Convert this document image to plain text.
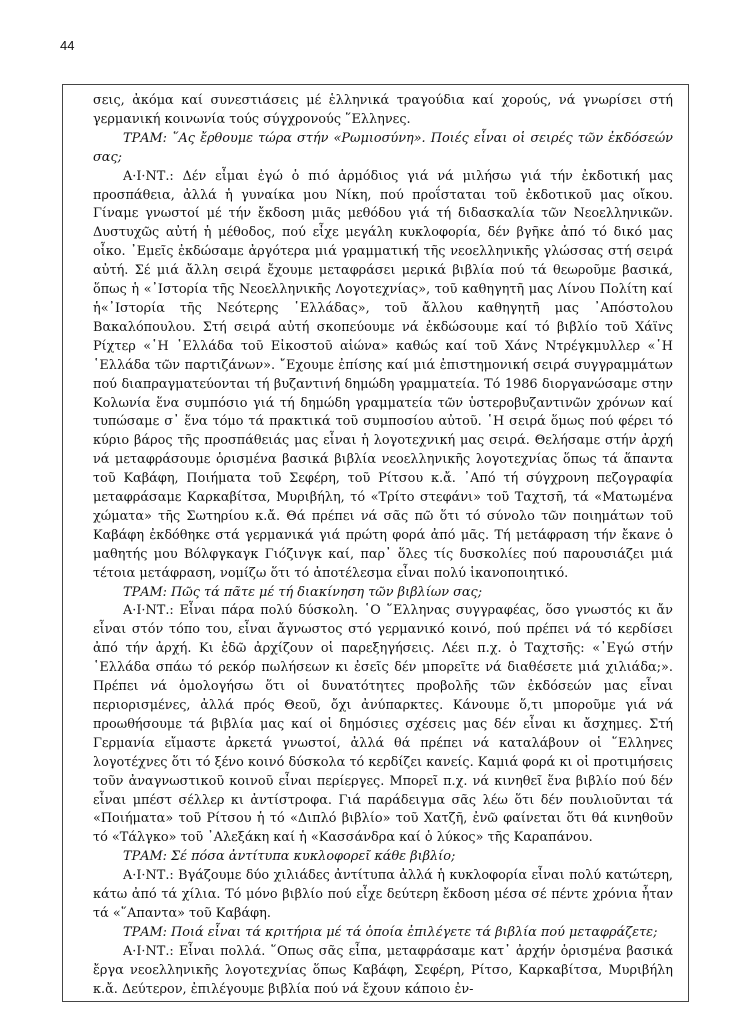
44

σεις, ἀκόμα καί συνεστιάσεις μέ ἑλληνικά τραγούδια καί χορούς, νά γνωρίσει στή γερμανική κοινωνία τούς σύγχρονούς ῞Ελληνες.

ΤΡΑΜ: ῞Ας ἔρθουμε τώρα στήν «Ρωμιοσύνη». Ποιές εἶναι οἱ σειρές τῶν ἐκδόσεών σας;

Α·Ι·ΝΤ.: Δέν εἶμαι ἐγώ ὁ πιό ἁρμόδιος γιά νά μιλήσω γιά τήν ἐκδοτική μας προσπάθεια, ἀλλά ἡ γυναίκα μου Νίκη, πού προΐσταται τοῦ ἐκδοτικοῦ μας οἴκου. Γίναμε γνωστοί μέ τήν ἔκδοση μιᾶς μεθόδου γιά τή διδασκαλία τῶν Νεοελληνικῶν. Δυστυχῶς αὐτή ἡ μέθοδος, πού εἶχε μεγάλη κυκλοφορία, δέν βγῆκε ἀπό τό δικό μας οἶκο. ᾿Εμεῖς ἐκδώσαμε ἀργότερα μιά γραμματική τῆς νεοελληνικῆς γλώσσας στή σειρά αὐτή. Σέ μιά ἄλλη σειρά ἔχουμε μεταφράσει μερικά βιβλία πού τά θεωροῦμε βασικά, ὅπως ἡ «᾿Ιστορία τῆς Νεοελληνικῆς Λογοτεχνίας», τοῦ καθηγητῆ μας Λίνου Πολίτη καί ἡ«᾿Ιστορία τῆς Νεότερης ῾Ελλάδας», τοῦ ἄλλου καθηγητῆ μας ᾿Απόστολου Βακαλόπουλου. Στή σειρά αὐτή σκοπεύουμε νά ἐκδώσουμε καί τό βιβλίο τοῦ Χάϊνς Ρίχτερ «῾Η ῾Ελλάδα τοῦ Εἰκοστοῦ αἰώνα» καθώς καί τοῦ Χάνς Ντρέγκμυλλερ «῾Η ῾Ελλάδα τῶν παρτιζάνων». ῎Εχουμε ἐπίσης καί μιά ἐπιστημονική σειρά συγγραμμάτων πού διαπραγματεύονται τή βυζαντινή δημώδη γραμματεία. Τό 1986 διοργανώσαμε στην Κολωνία ἕνα συμπόσιο γιά τή δημώδη γραμματεία τῶν ὑστεροβυζαντινῶν χρόνων καί τυπώσαμε σ᾿ ἕνα τόμο τά πρακτικά τοῦ συμποσίου αὐτοῦ. ῾Η σειρά ὅμως πού φέρει τό κύριο βάρος τῆς προσπάθειάς μας εἶναι ἡ λογοτεχνική μας σειρά. Θελήσαμε στήν ἀρχή νά μεταφράσουμε ὁρισμένα βασικά βιβλία νεοελληνικῆς λογοτεχνίας ὅπως τά ἅπαντα τοῦ Καβάφη, Ποιήματα τοῦ Σεφέρη, τοῦ Ρίτσου κ.ἄ. ᾿Από τή σύγχρονη πεζογραφία μεταφράσαμε Καρκαβίτσα, Μυριβήλη, τό «Τρίτο στεφάνι» τοῦ Ταχτσῆ, τά «Ματωμένα χώματα» τῆς Σωτηρίου κ.ἄ. Θά πρέπει νά σᾶς πῶ ὅτι τό σύνολο τῶν ποιημάτων τοῦ Καβάφη ἐκδόθηκε στά γερμανικά γιά πρώτη φορά ἀπό μᾶς. Τή μετάφραση τήν ἔκανε ὁ μαθητής μου Βόλφγκαγκ Γιόζινγκ καί, παρ᾿ ὅλες τίς δυσκολίες πού παρουσιάζει μιά τέτοια μετάφραση, νομίζω ὅτι τό ἀποτέλεσμα εἶναι πολύ ἱκανοποιητικό.

ΤΡΑΜ: Πῶς τά πᾶτε μέ τή διακίνηση τῶν βιβλίων σας;

Α·Ι·ΝΤ.: Εἶναι πάρα πολύ δύσκολη. ῾Ο ῞Ελληνας συγγραφέας, ὅσο γνωστός κι ἄν εἶναι στόν τόπο του, εἶναι ἄγνωστος στό γερμανικό κοινό, πού πρέπει νά τό κερδίσει ἀπό τήν ἀρχή. Κι ἐδῶ ἀρχίζουν οἱ παρεξηγήσεις. Λέει π.χ. ὁ Ταχτσῆς: «᾿Εγώ στήν ῾Ελλάδα σπάω τό ρεκόρ πωλήσεων κι ἐσεῖς δέν μπορεῖτε νά διαθέσετε μιά χιλιάδα;». Πρέπει νά ὁμολογήσω ὅτι οἱ δυνατότητες προβολῆς τῶν ἐκδόσεών μας εἶναι περιορισμένες, ἀλλά πρός Θεοῦ, ὄχι ἀνύπαρκτες. Κάνουμε ὅ,τι μποροῦμε γιά νά προωθήσουμε τά βιβλία μας καί οἱ δημόσιες σχέσεις μας δέν εἶναι κι ἄσχημες. Στή Γερμανία εἴμαστε ἀρκετά γνωστοί, ἀλλά θά πρέπει νά καταλάβουν οἱ ῞Ελληνες λογοτέχνες ὅτι τό ξένο κοινό δύσκολα τό κερδίζει κανείς. Καμιά φορά κι οἱ προτιμήσεις τοῦν ἀναγνωστικοῦ κοινοῦ εἶναι περίεργες. Μπορεῖ π.χ. νά κινηθεῖ ἕνα βιβλίο πού δέν εἶναι μπέστ σέλλερ κι ἀντίστροφα. Γιά παράδειγμα σᾶς λέω ὅτι δέν πουλιοῦνται τά «Ποιήματα» τοῦ Ρίτσου ἡ τό «Διπλό βιβλίο» τοῦ Χατζῆ, ἐνῶ φαίνεται ὅτι θά κινηθοῦν τό «Τάλγκο» τοῦ ᾿Αλεξάκη καί ἡ «Κασσάνδρα καί ὁ λύκος» τῆς Καραπάνου.

ΤΡΑΜ: Σέ πόσα ἀντίτυπα κυκλοφορεῖ κάθε βιβλίο;

Α·Ι·ΝΤ.: Βγάζουμε δύο χιλιάδες ἀντίτυπα ἀλλά ἡ κυκλοφορία εἶναι πολύ κατώτερη, κάτω ἀπό τά χίλια. Τό μόνο βιβλίο πού εἶχε δεύτερη ἔκδοση μέσα σέ πέντε χρόνια ἦταν τά «῞Απαντα» τοῦ Καβάφη.

ΤΡΑΜ: Ποιά εἶναι τά κριτήρια μέ τά ὁποία ἐπιλέγετε τά βιβλία πού μεταφράζετε;

Α·Ι·ΝΤ.: Εἶναι πολλά. ῞Οπως σᾶς εἶπα, μεταφράσαμε κατ᾿ ἀρχήν ὁρισμένα βασικά ἔργα νεοελληνικῆς λογοτεχνίας ὅπως Καβάφη, Σεφέρη, Ρίτσο, Καρκαβίτσα, Μυριβήλη κ.ἄ. Δεύτερον, ἐπιλέγουμε βιβλία πού νά ἔχουν κάποιο ἐν-
